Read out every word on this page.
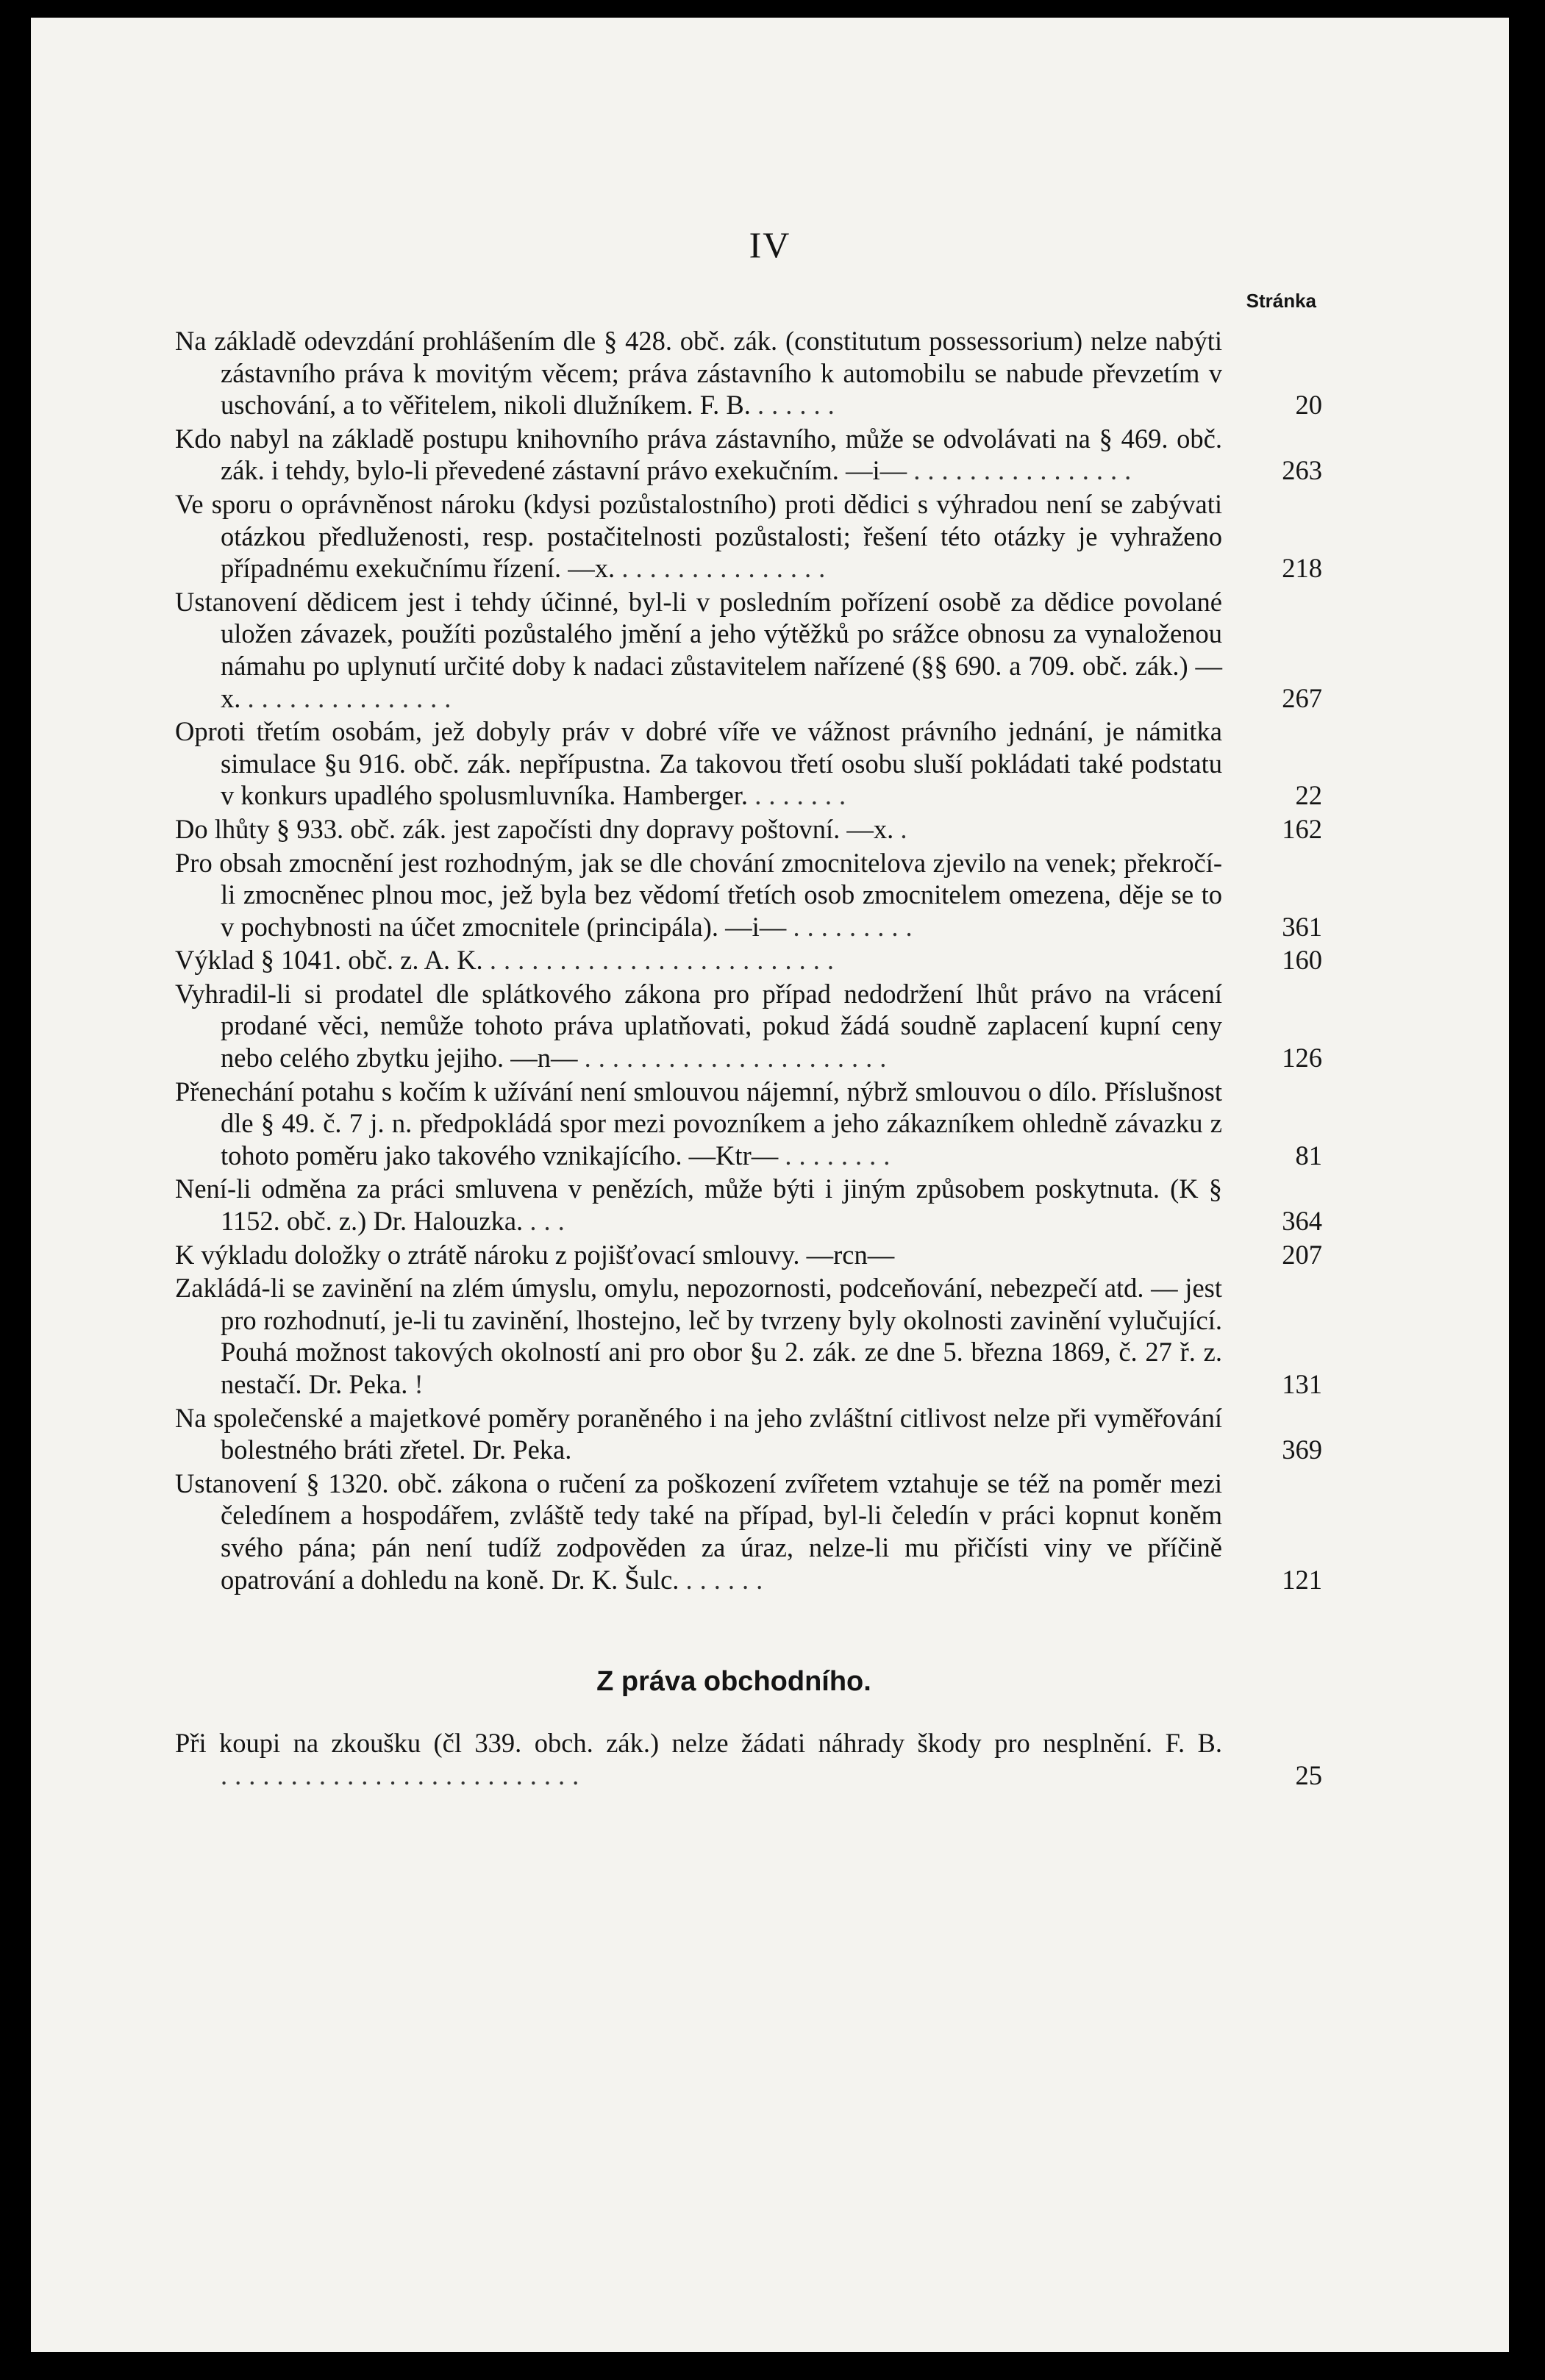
IV
Stránka
Na základě odevzdání prohlášením dle § 428. obč. zák. (constitutum possessorium) nelze nabýti zástavního práva k movitým věcem; práva zástavního k automobilu se nabude převzetím v uschování, a to věřitelem, nikoli dlužníkem. F. B. ......	20
Kdo nabyl na základě postupu knihovního práva zástavního, může se odvolávati na § 469. obč. zák. i tehdy, bylo-li převedené zástavní právo exekučním. —i— ................	263
Ve sporu o oprávněnost nároku (kdysi pozůstalostního) proti dědici s výhradou není se zabývati otázkou předluženosti, resp. postačitelnosti pozůstalosti; řešení této otázky je vyhraženo případnému exekučnímu řízení. —x. ...............	218
Ustanovení dědicem jest i tehdy účinné, byl-li v posledním pořízení osobě za dědice povolané uložen závazek, použíti pozůstalého jmění a jeho výtěžků po srážce obnosu za vynaloženou námahu po uplynutí určité doby k nadaci zůstavitelem nařízené (§§ 690. a 709. obč. zák.) —x. ...............	267
Oproti třetím osobám, jež dobyly práv v dobré víře ve vážnost právního jednání, je námitka simulace §u 916. obč. zák. nepřípustna. Za takovou třetí osobu sluší pokládati také podstatu v konkurs upadlého spolusmluvníka. Hamberger. .......	22
Do lhůty § 933. obč. zák. jest započísti dny dopravy poštovní. —x. .	162
Pro obsah zmocnění jest rozhodným, jak se dle chování zmocnitelova zjevilo na venek; překročí-li zmocněnec plnou moc, jež byla bez vědomí třetích osob zmocnitelem omezena, děje se to v pochybnosti na účet zmocnitele (principála). —i— .........	361
Výklad § 1041. obč. z. A. K. .........................	160
Vyhradil-li si prodatel dle splátkového zákona pro případ nedodržení lhůt právo na vrácení prodané věci, nemůže tohoto práva uplatňovati, pokud žádá soudně zaplacení kupní ceny nebo celého zbytku jejiho. —n— ......................	126
Přenechání potahu s kočím k užívání není smlouvou nájemní, nýbrž smlouvou o dílo. Příslušnost dle § 49. č. 7 j. n. předpokládá spor mezi povozníkem a jeho zákazníkem ohledně závazku z tohoto poměru jako takového vznikajícího. —Ktr— ........	81
Není-li odměna za práci smluvena v penězích, může býti i jiným způsobem poskytnuta. (K § 1152. obč. z.) Dr. Halouzka. ...	364
K výkladu doložky o ztrátě nároku z pojišťovací smlouvy. —rcn—	207
Zakládá-li se zavinění na zlém úmyslu, omylu, nepozornosti, podceňování, nebezpečí atd. — jest pro rozhodnutí, je-li tu zavinění, lhostejno, leč by tvrzeny byly okolnosti zavinění vylučující. Pouhá možnost takových okolností ani pro obor §u 2. zák. ze dne 5. března 1869, č. 27 ř. z. nestačí. Dr. Peka. !	131
Na společenské a majetkové poměry poraněného i na jeho zvláštní citlivost nelze při vyměřování bolestného bráti zřetel. Dr. Peka.	369
Ustanovení § 1320. obč. zákona o ručení za poškození zvířetem vztahuje se též na poměr mezi čeledínem a hospodářem, zvláště tedy také na případ, byl-li čeledín v práci kopnut koněm svého pána; pán není tudíž zodpověden za úraz, nelze-li mu přičísti viny ve příčině opatrování a dohledu na koně. Dr. K. Šulc. ......	121
Z práva obchodního.
Při koupi na zkoušku (čl 339. obch. zák.) nelze žádati náhrady škody pro nesplnění. F. B. ..........................	25
